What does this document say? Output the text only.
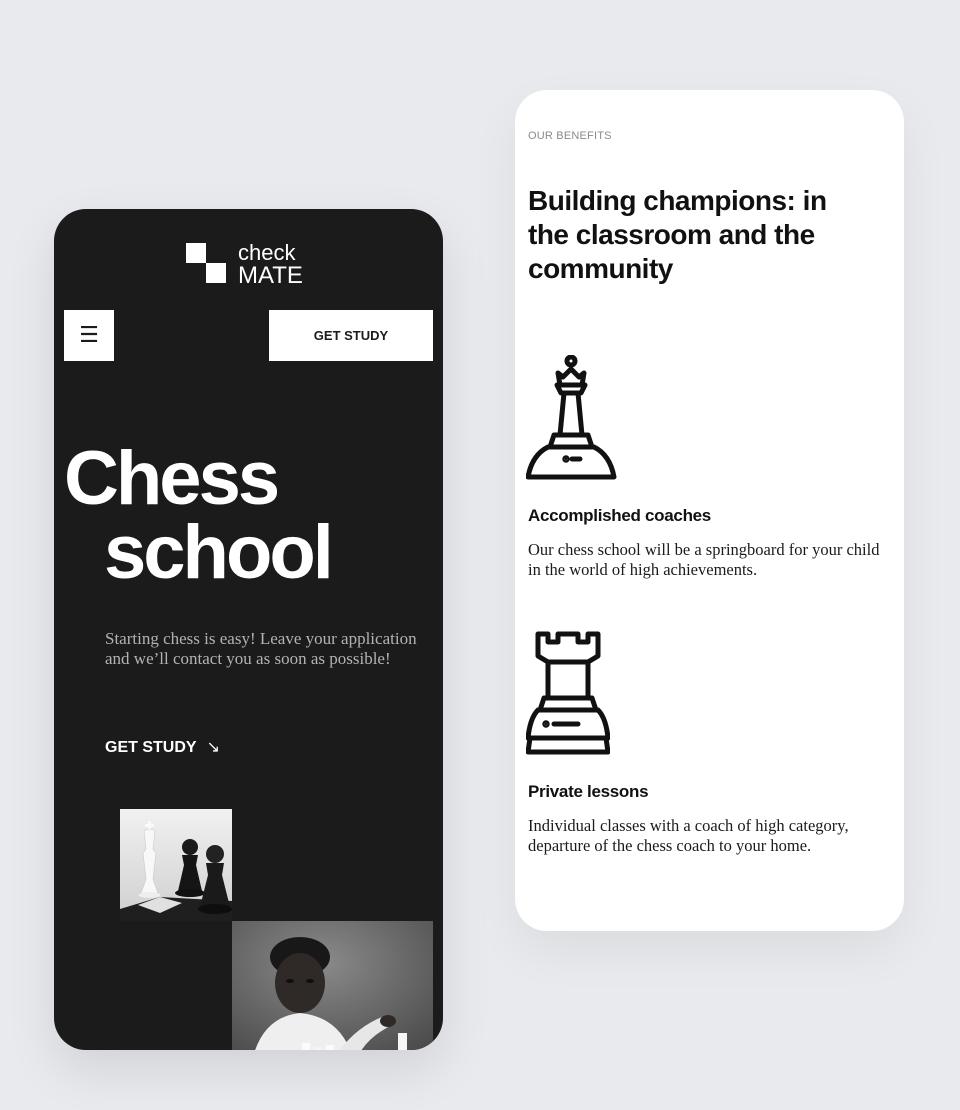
check
MATE
☰	GET STUDY
Chess
school

Starting chess is easy! Leave your application and we’ll contact you as soon as possible!

GET STUDY ↘
OUR BENEFITS
Building champions: in the classroom and the community
Accomplished coaches

Our chess school will be a springboard for your child in the world of high achievements.

Private lessons

Individual classes with a coach of high category, departure of the chess coach to your home.
